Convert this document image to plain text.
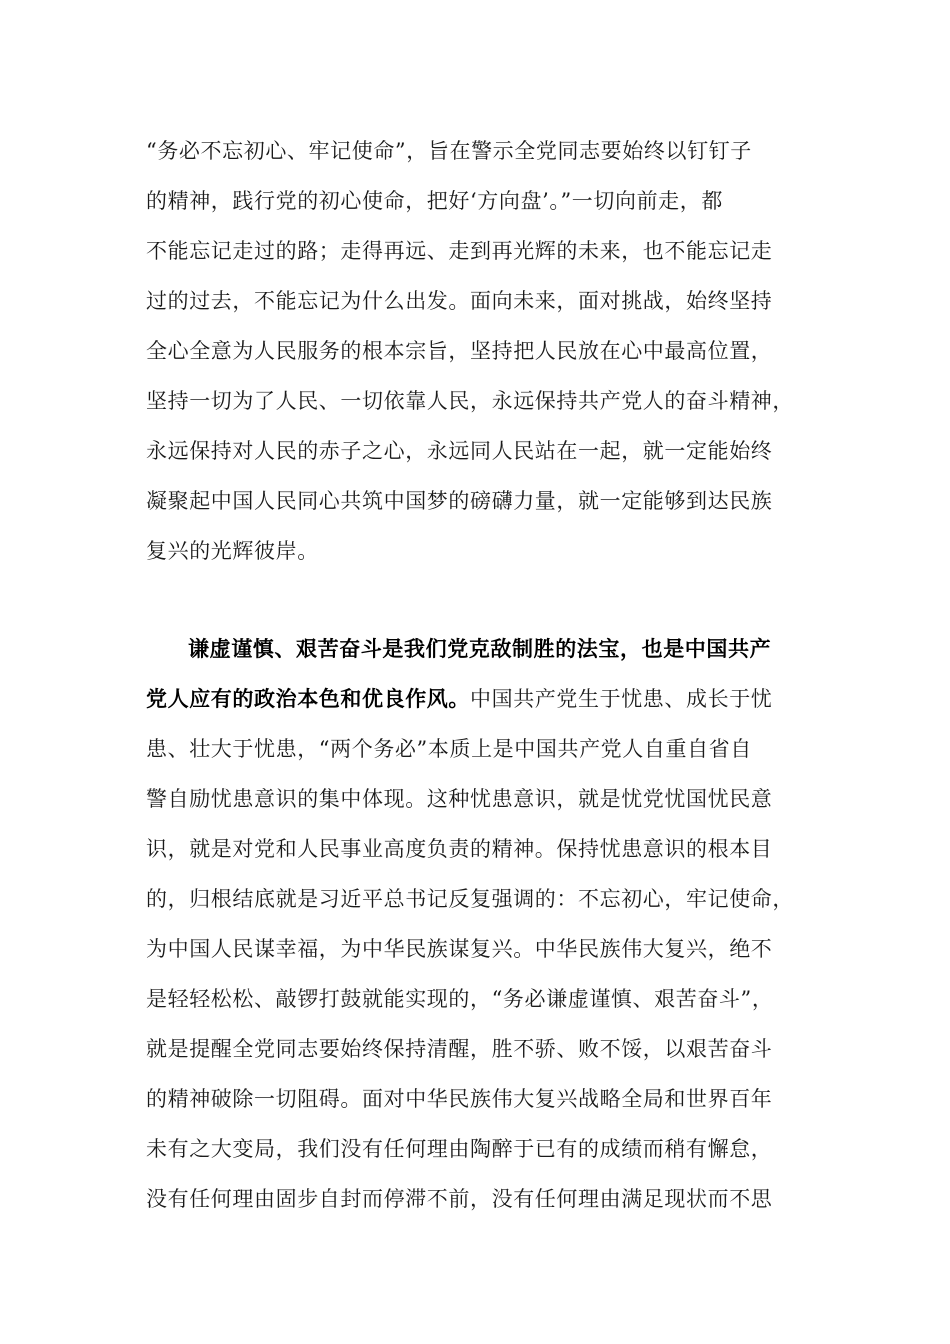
“务必不忘初心、牢记使命”，旨在警示全党同志要始终以钉钉子
的精神，践行党的初心使命，把好‘方向盘’。”一切向前走，都
不能忘记走过的路；走得再远、走到再光辉的未来，也不能忘记走
过的过去，不能忘记为什么出发。面向未来，面对挑战，始终坚持
全心全意为人民服务的根本宗旨，坚持把人民放在心中最高位置，
坚持一切为了人民、一切依靠人民，永远保持共产党人的奋斗精神，
永远保持对人民的赤子之心，永远同人民站在一起，就一定能始终
凝聚起中国人民同心共筑中国梦的磅礴力量，就一定能够到达民族
复兴的光辉彼岸。
谦虚谨慎、艰苦奋斗是我们党克敌制胜的法宝，也是中国共产
党人应有的政治本色和优良作风。中国共产党生于忧患、成长于忧
患、壮大于忧患，“两个务必”本质上是中国共产党人自重自省自
警自励忧患意识的集中体现。这种忧患意识，就是忧党忧国忧民意
识，就是对党和人民事业高度负责的精神。保持忧患意识的根本目
的，归根结底就是习近平总书记反复强调的：不忘初心，牢记使命，
为中国人民谋幸福，为中华民族谋复兴。中华民族伟大复兴，绝不
是轻轻松松、敲锣打鼓就能实现的，“务必谦虚谨慎、艰苦奋斗”，
就是提醒全党同志要始终保持清醒，胜不骄、败不馁，以艰苦奋斗
的精神破除一切阻碍。面对中华民族伟大复兴战略全局和世界百年
未有之大变局，我们没有任何理由陶醉于已有的成绩而稍有懈怠，
没有任何理由固步自封而停滞不前，没有任何理由满足现状而不思
